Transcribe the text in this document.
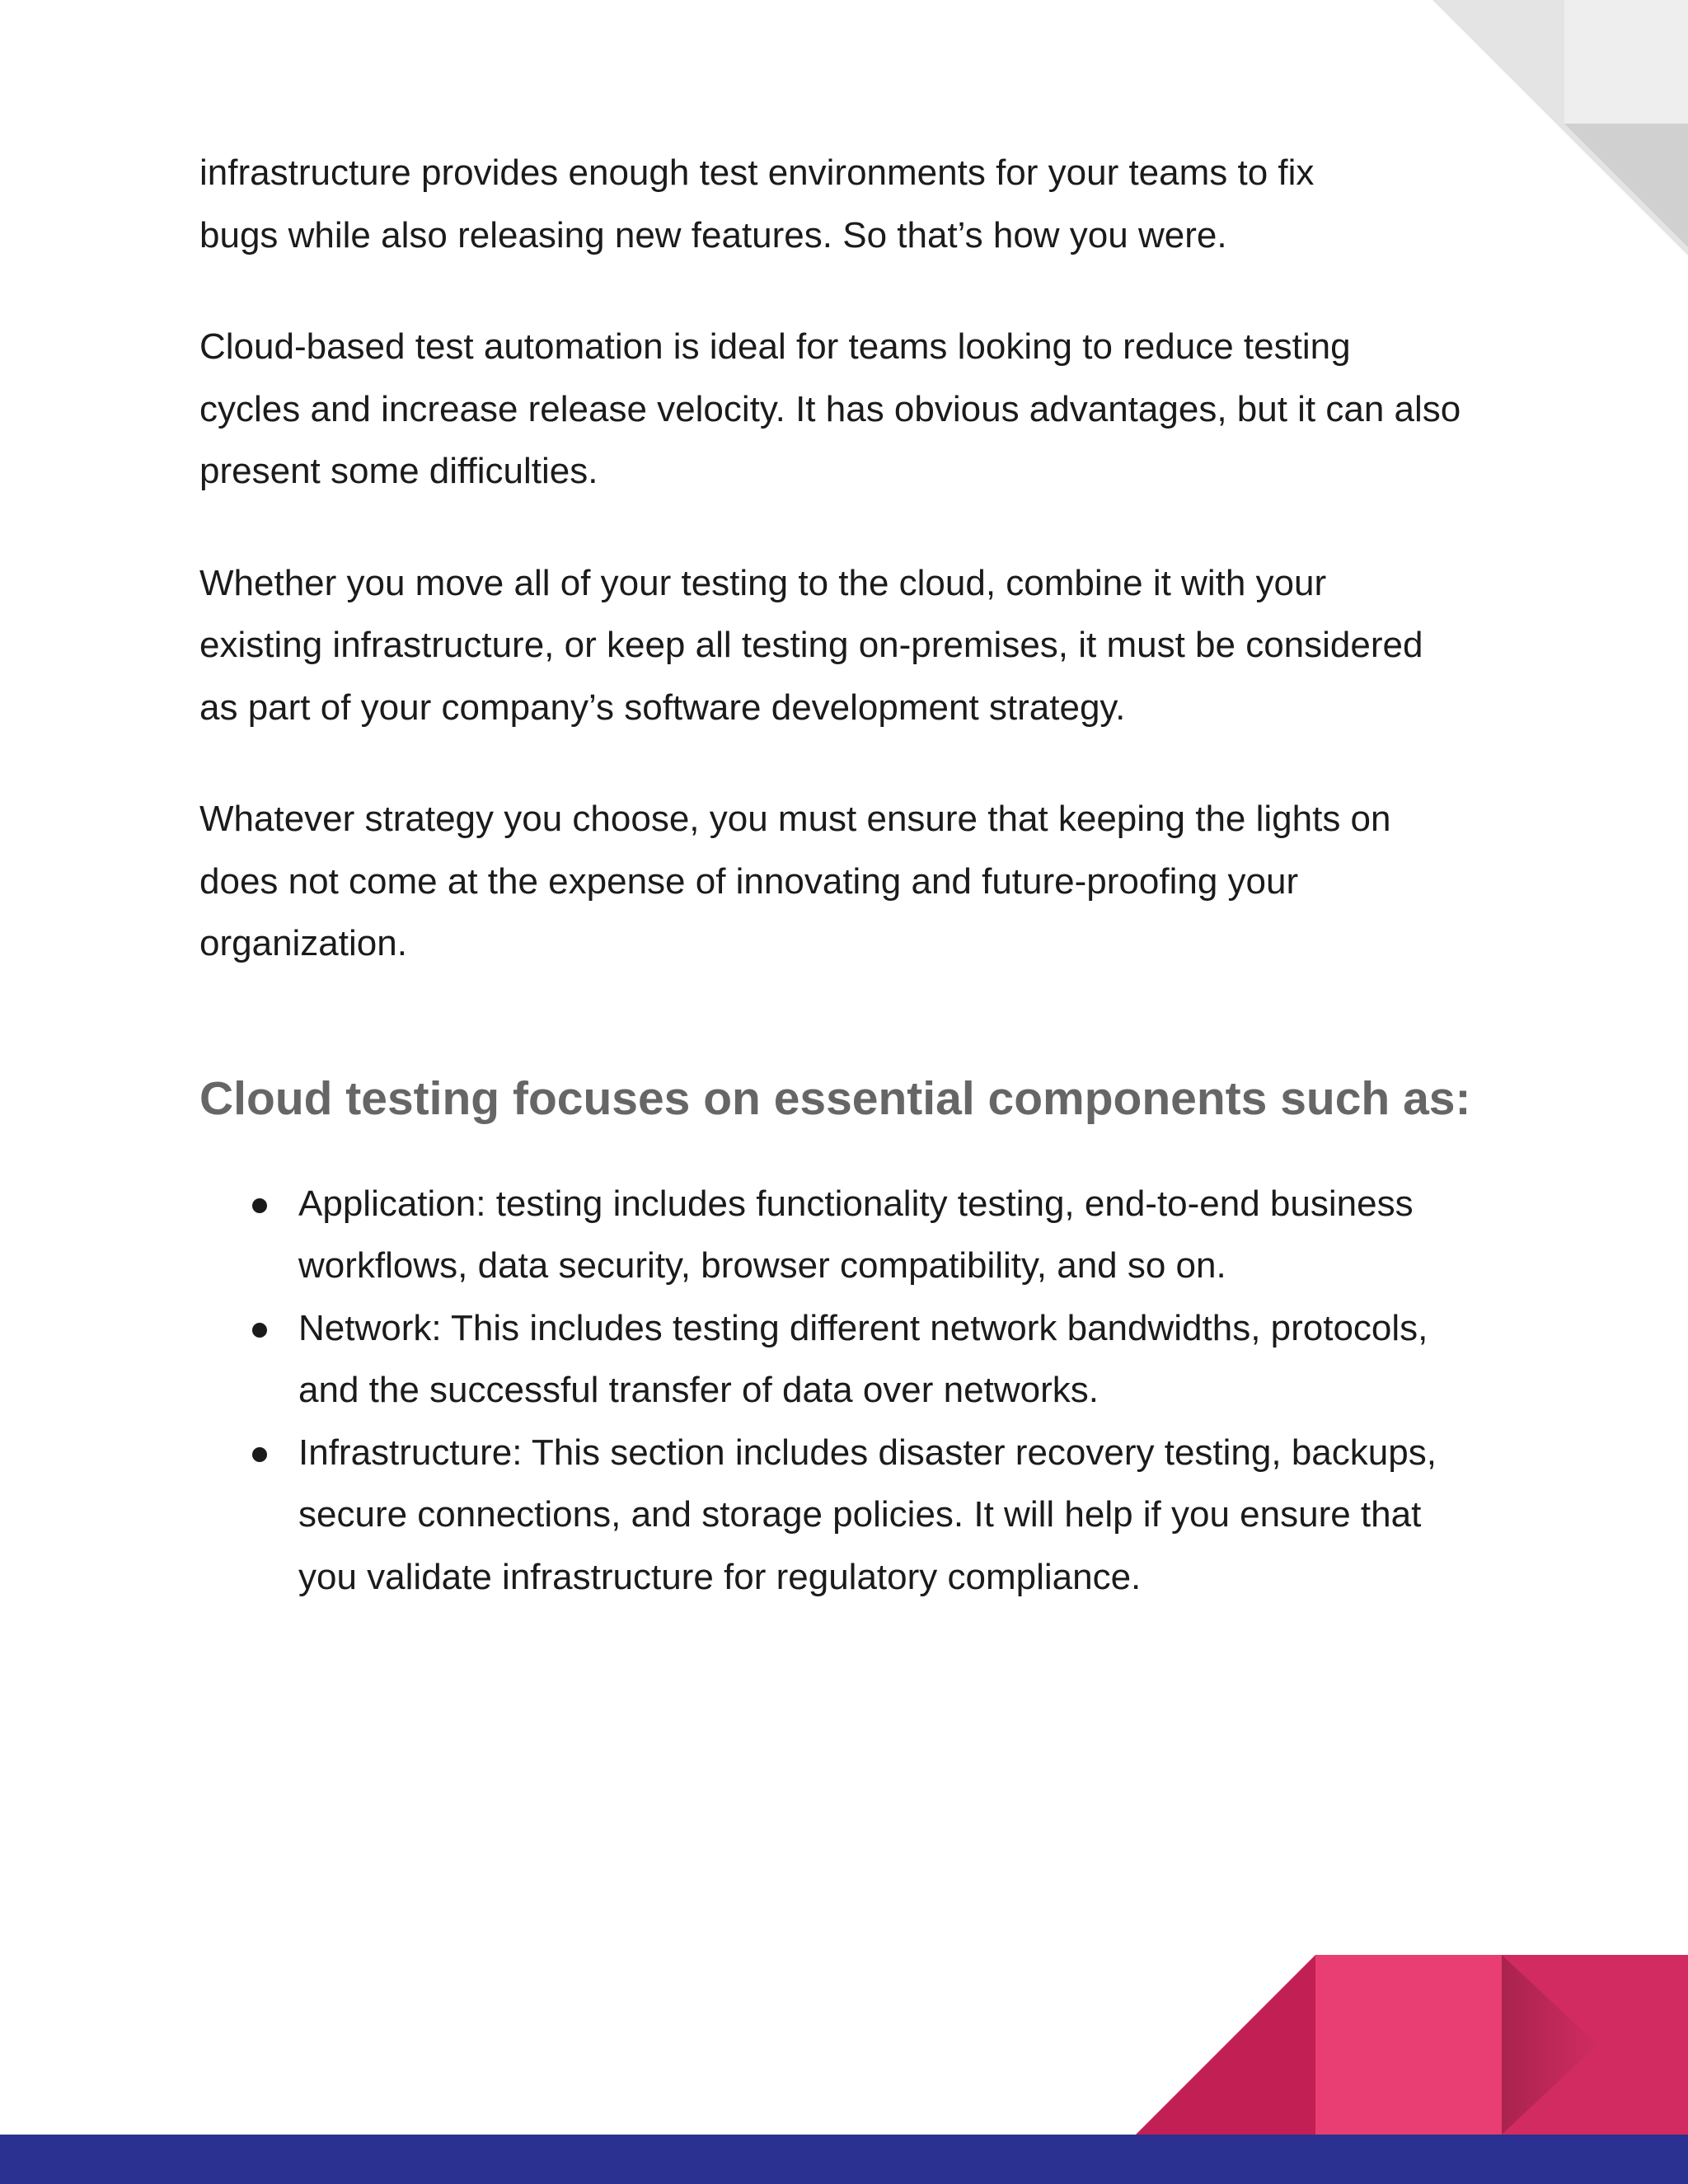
infrastructure provides enough test environments for your teams to fix
bugs while also releasing new features. So that’s how you were.
Cloud-based test automation is ideal for teams looking to reduce testing
cycles and increase release velocity. It has obvious advantages, but it can also
present some difficulties.
Whether you move all of your testing to the cloud, combine it with your
existing infrastructure, or keep all testing on-premises, it must be considered
as part of your company’s software development strategy.
Whatever strategy you choose, you must ensure that keeping the lights on
does not come at the expense of innovating and future-proofing your
organization.
Cloud testing focuses on essential components such as:
Application: testing includes functionality testing, end-to-end business
workflows, data security, browser compatibility, and so on.
Network: This includes testing different network bandwidths, protocols,
and the successful transfer of data over networks.
Infrastructure: This section includes disaster recovery testing, backups,
secure connections, and storage policies. It will help if you ensure that
you validate infrastructure for regulatory compliance.
